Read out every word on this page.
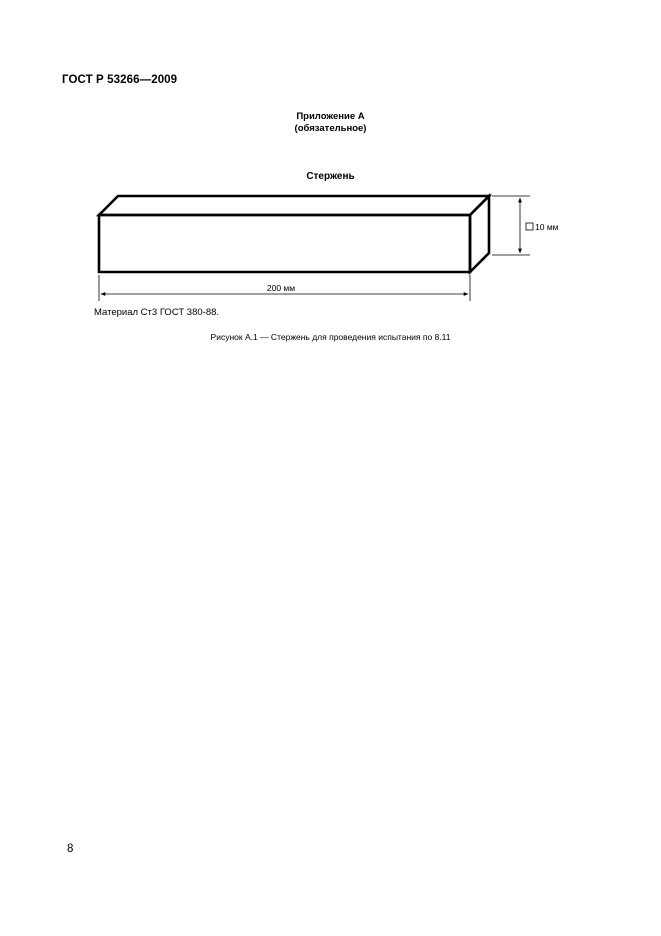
ГОСТ Р 53266—2009
Приложение А
(обязательное)
Стержень
10 мм
200 мм
Материал Ст3 ГОСТ 380-88.
Рисунок А.1 — Стержень для проведения испытания по 8.11
8
